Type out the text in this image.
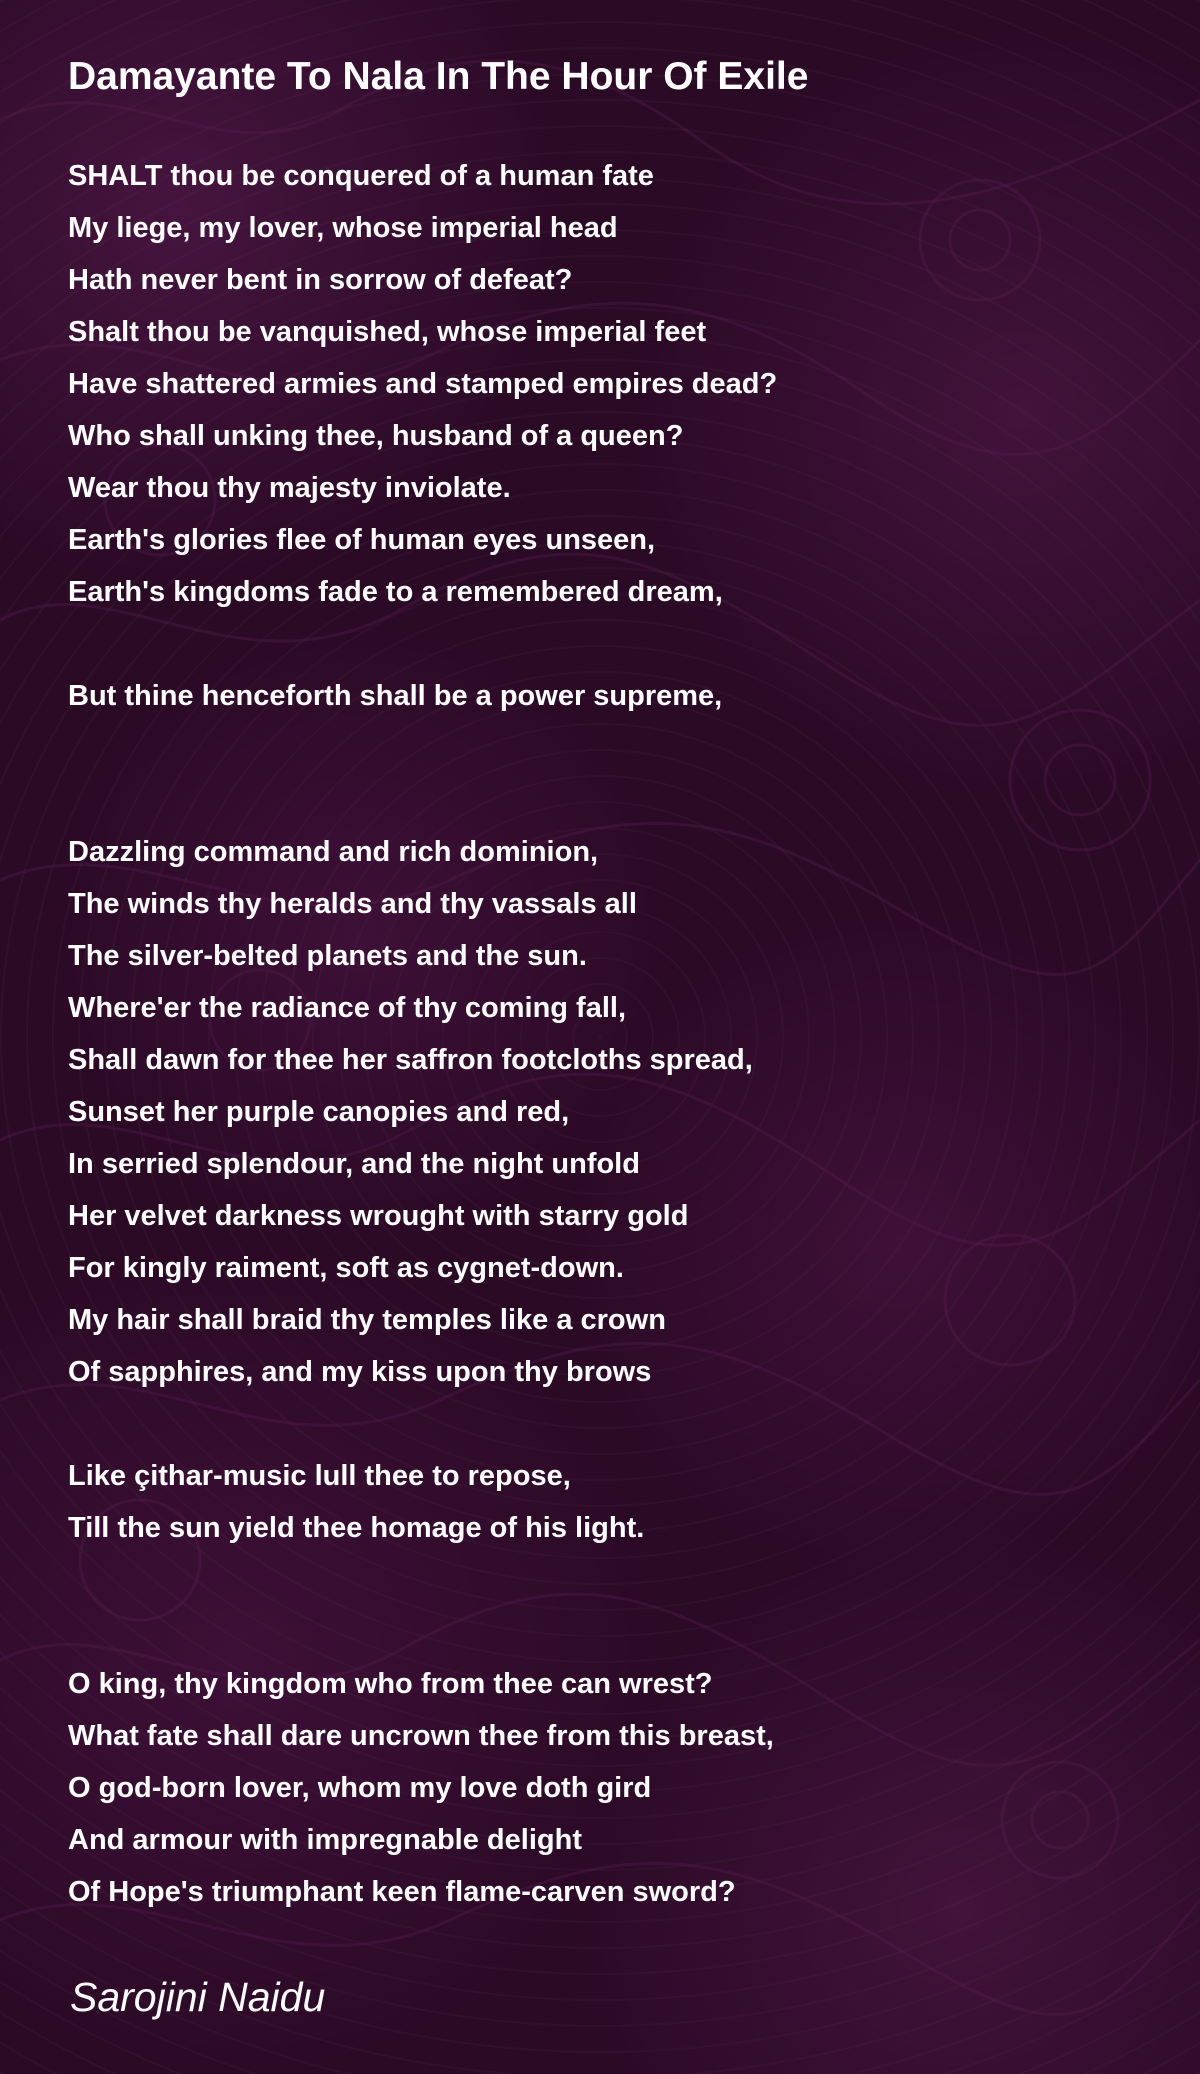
Damayante To Nala In The Hour Of Exile
SHALT thou be conquered of a human fate
My liege, my lover, whose imperial head
Hath never bent in sorrow of defeat?
Shalt thou be vanquished, whose imperial feet
Have shattered armies and stamped empires dead?
Who shall unking thee, husband of a queen?
Wear thou thy majesty inviolate.
Earth's glories flee of human eyes unseen,
Earth's kingdoms fade to a remembered dream,
But thine henceforth shall be a power supreme,
Dazzling command and rich dominion,
The winds thy heralds and thy vassals all
The silver-belted planets and the sun.
Where'er the radiance of thy coming fall,
Shall dawn for thee her saffron footcloths spread,
Sunset her purple canopies and red,
In serried splendour, and the night unfold
Her velvet darkness wrought with starry gold
For kingly raiment, soft as cygnet-down.
My hair shall braid thy temples like a crown
Of sapphires, and my kiss upon thy brows
Like çithar-music lull thee to repose,
Till the sun yield thee homage of his light.
O king, thy kingdom who from thee can wrest?
What fate shall dare uncrown thee from this breast,
O god-born lover, whom my love doth gird
And armour with impregnable delight
Of Hope's triumphant keen flame-carven sword?

Sarojini Naidu
